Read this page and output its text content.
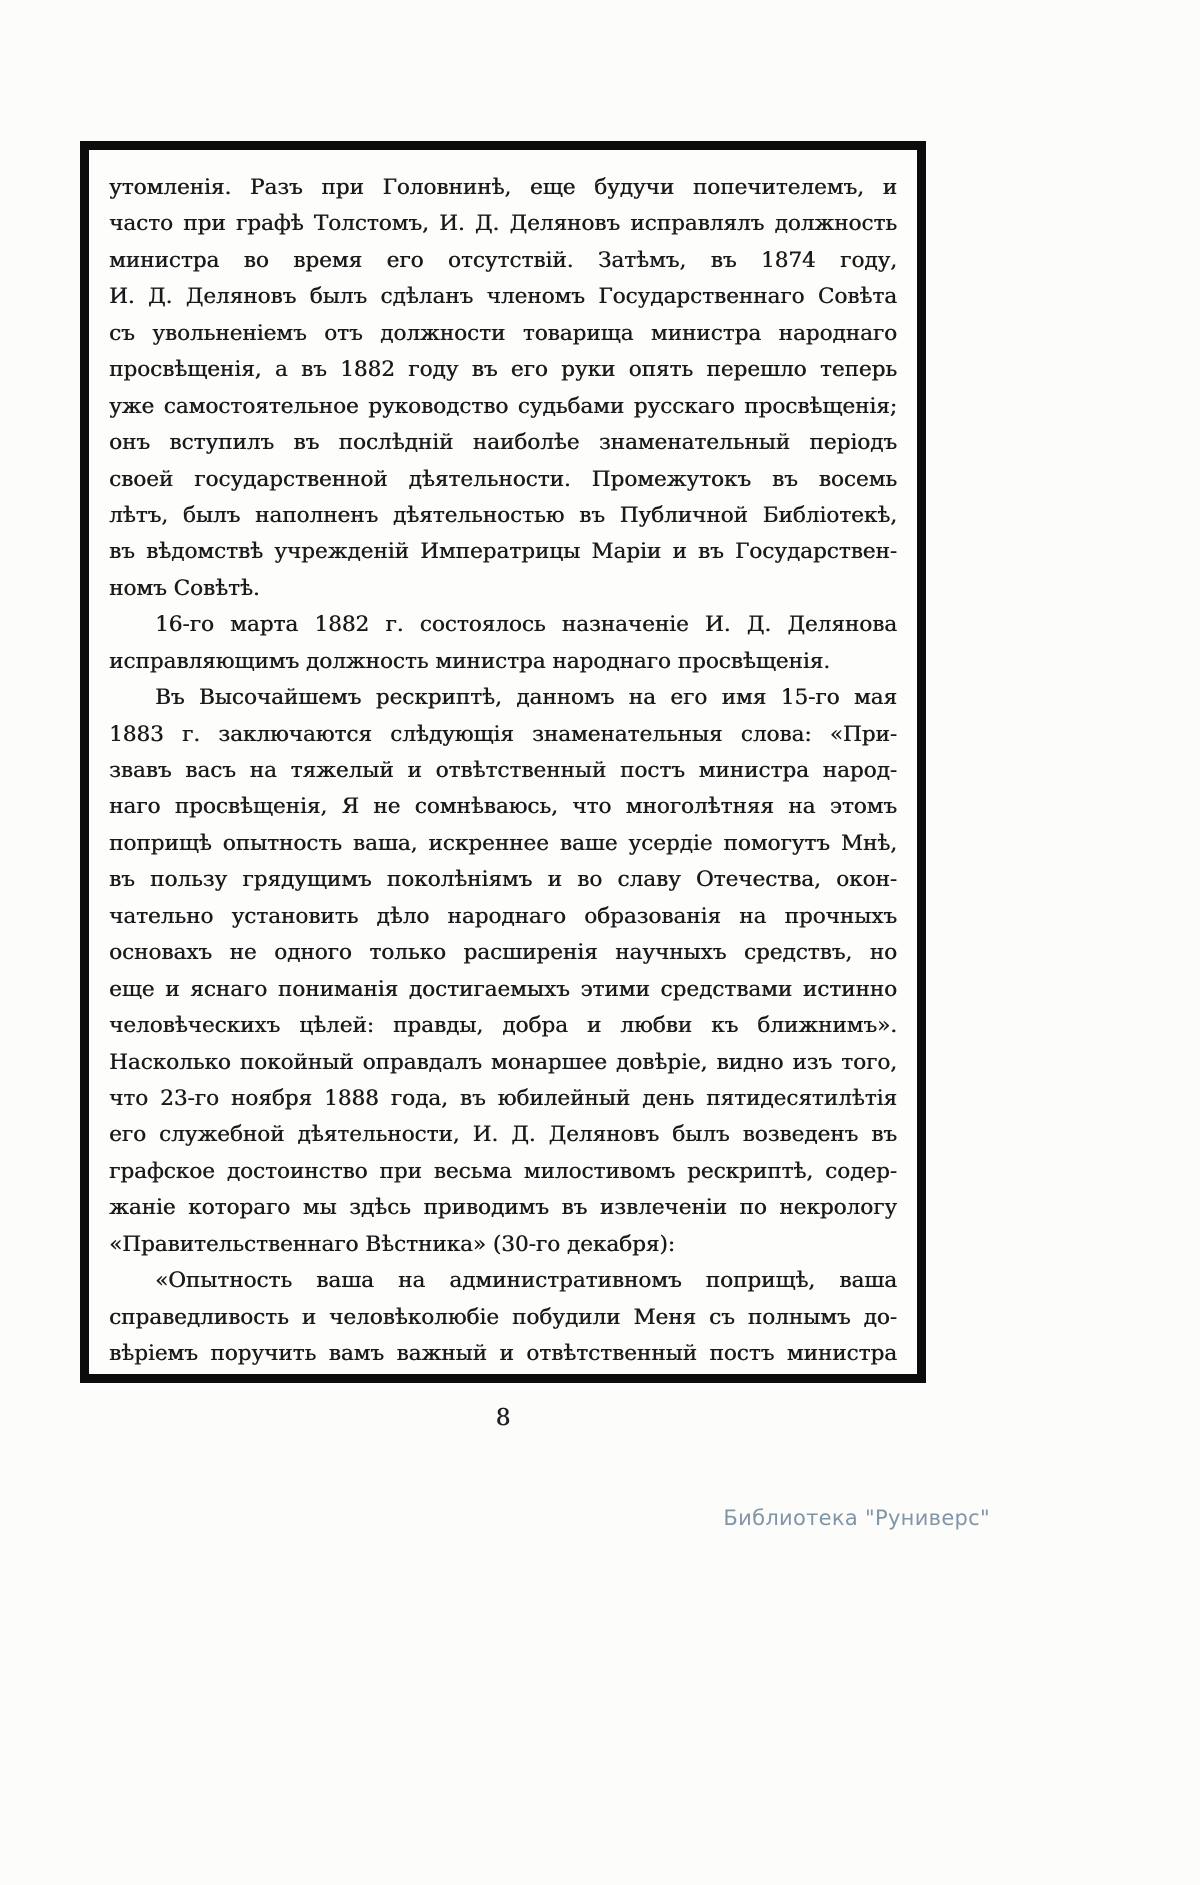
утомленія. Разъ при Головнинѣ, еще будучи попечителемъ, и
часто при графѣ Толстомъ, И. Д. Деляновъ исправлялъ должность
министра во время его отсутствій. Затѣмъ, въ 1874 году,
И. Д. Деляновъ былъ сдѣланъ членомъ Государственнаго Совѣта
съ увольненіемъ отъ должности товарища министра народнаго
просвѣщенія, а въ 1882 году въ его руки опять перешло теперь
уже самостоятельное руководство судьбами русскаго просвѣщенія;
онъ вступилъ въ послѣдній наиболѣе знаменательный періодъ
своей государственной дѣятельности. Промежутокъ въ восемь
лѣтъ, былъ наполненъ дѣятельностью въ Публичной Библіотекѣ,
въ вѣдомствѣ учрежденій Императрицы Маріи и въ Государствен-
номъ Совѣтѣ.
16-го марта 1882 г. состоялось назначеніе И. Д. Делянова
исправляющимъ должность министра народнаго просвѣщенія.
Въ Высочайшемъ рескриптѣ, данномъ на его имя 15-го мая
1883 г. заключаются слѣдующія знаменательныя слова: «При-
звавъ васъ на тяжелый и отвѣтственный постъ министра народ-
наго просвѣщенія, Я не сомнѣваюсь, что многолѣтняя на этомъ
поприщѣ опытность ваша, искреннее ваше усердіе помогутъ Мнѣ,
въ пользу грядущимъ поколѣніямъ и во славу Отечества, окон-
чательно установить дѣло народнаго образованія на прочныхъ
основахъ не одного только расширенія научныхъ средствъ, но
еще и яснаго пониманія достигаемыхъ этими средствами истинно
человѣческихъ цѣлей: правды, добра и любви къ ближнимъ».
Насколько покойный оправдалъ монаршее довѣріе, видно изъ того,
что 23-го ноября 1888 года, въ юбилейный день пятидесятилѣтія
его служебной дѣятельности, И. Д. Деляновъ былъ возведенъ въ
графское достоинство при весьма милостивомъ рескриптѣ, содер-
жаніе котораго мы здѣсь приводимъ въ извлеченіи по некрологу
«Правительственнаго Вѣстника» (30-го декабря):
«Опытность ваша на административномъ поприщѣ, ваша
справедливость и человѣколюбіе побудили Меня съ полнымъ до-
вѣріемъ поручить вамъ важный и отвѣтственный постъ министра
8
Библиотека "Руниверс"
